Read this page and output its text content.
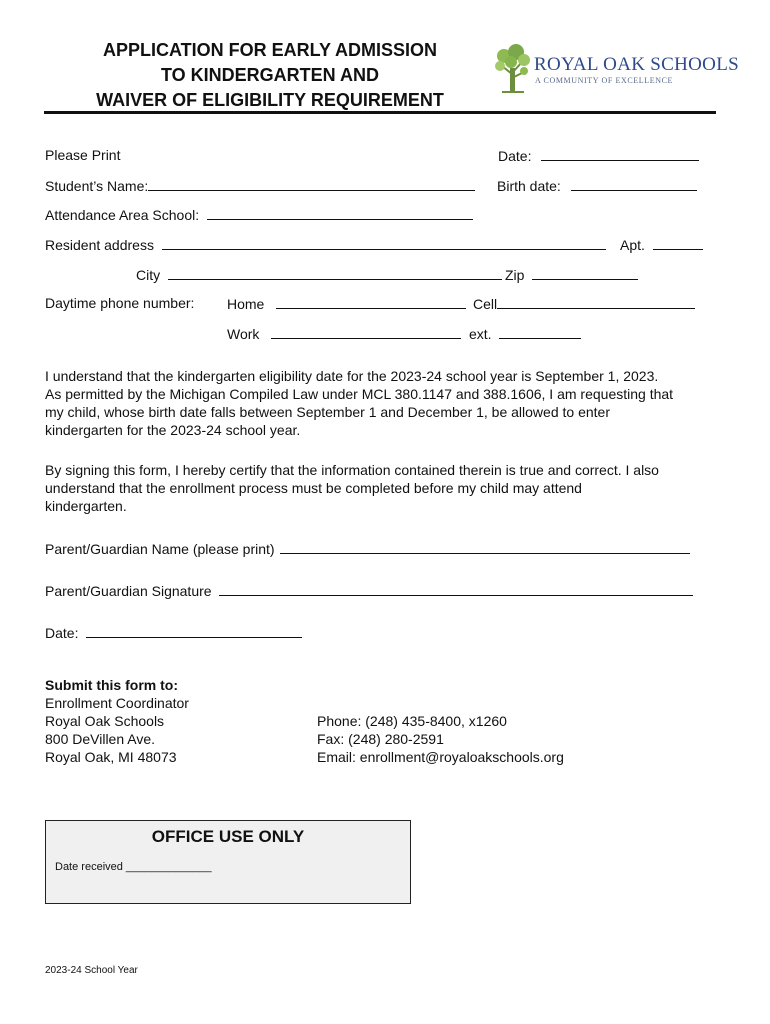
APPLICATION FOR EARLY ADMISSION
TO KINDERGARTEN AND
WAIVER OF ELIGIBILITY REQUIREMENT
ROYAL OAK SCHOOLS
A COMMUNITY OF EXCELLENCE
Please Print	Date:
Student’s Name:	Birth date:
Attendance Area School:
Resident address	Apt.
City	Zip
Daytime phone number: Home	Cell
Work	ext.
I understand that the kindergarten eligibility date for the 2023-24 school year is September 1, 2023.
As permitted by the Michigan Compiled Law under MCL 380.1147 and 388.1606, I am requesting that
my child, whose birth date falls between September 1 and December 1, be allowed to enter
kindergarten for the 2023-24 school year.
By signing this form, I hereby certify that the information contained therein is true and correct. I also
understand that the enrollment process must be completed before my child may attend
kindergarten.
Parent/Guardian Name (please print)
Parent/Guardian Signature
Date:
Submit this form to:
Enrollment Coordinator
Royal Oak Schools
800 DeVillen Ave.
Royal Oak, MI 48073
Phone: (248) 435-8400, x1260
Fax: (248) 280-2591
Email: enrollment@royaloakschools.org
OFFICE USE ONLY
Date received ______________
2023-24 School Year
